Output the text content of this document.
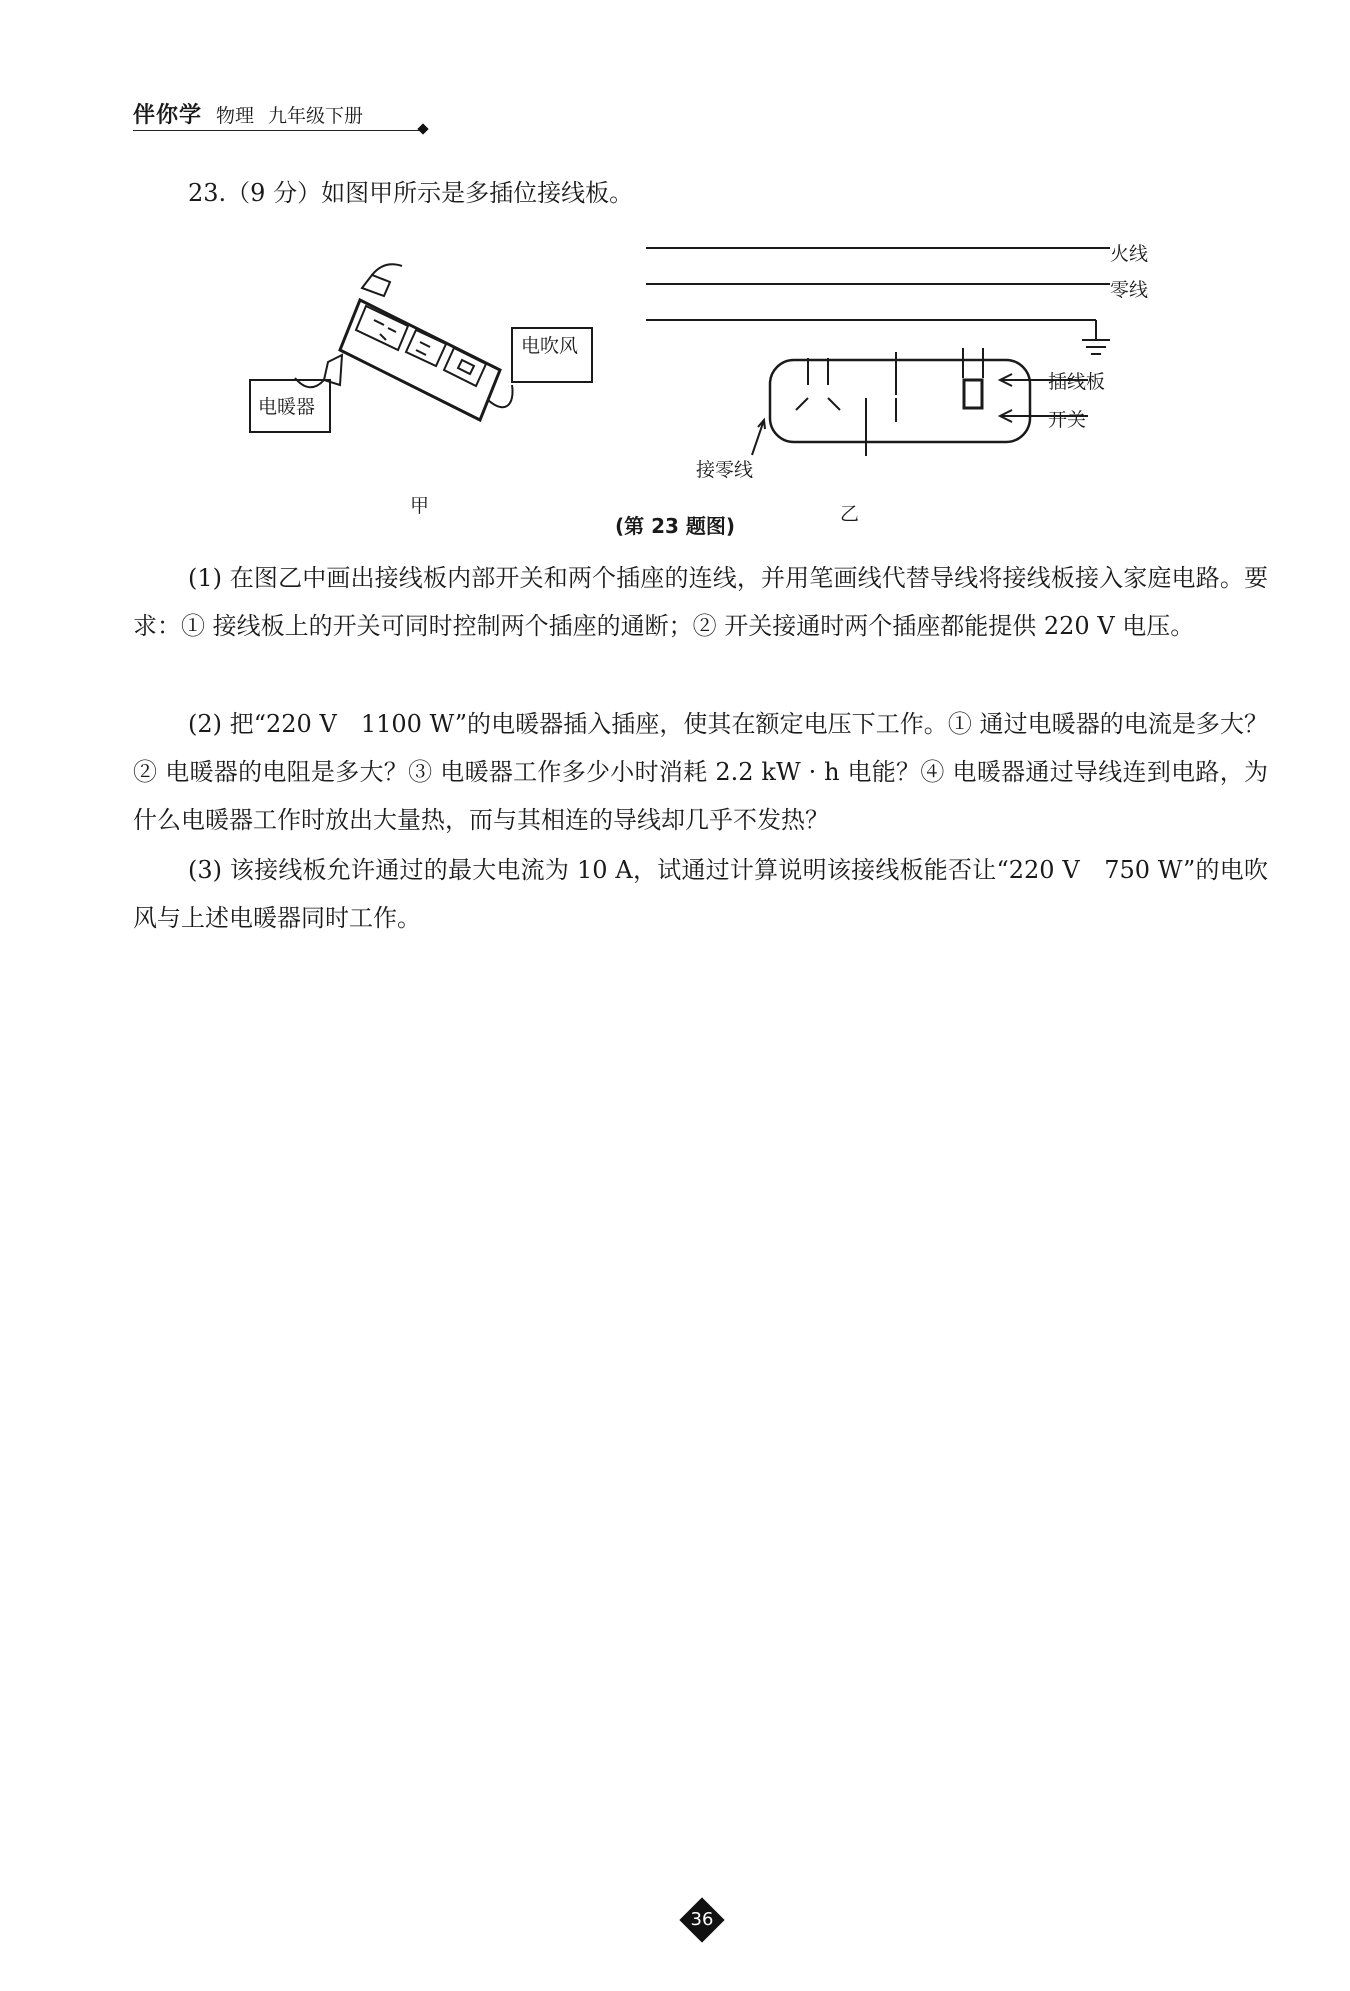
伴你学 物理 九年级下册
23.（9 分）如图甲所示是多插位接线板。
电暖器
电吹风
甲	乙
火线
零线
插线板
开关
接零线
(第 23 题图)
(1) 在图乙中画出接线板内部开关和两个插座的连线，并用笔画线代替导线将接线板接入家庭电路。要求：① 接线板上的开关可同时控制两个插座的通断；② 开关接通时两个插座都能提供 220 V 电压。
(2) 把“220 V　1100 W”的电暖器插入插座，使其在额定电压下工作。① 通过电暖器的电流是多大？② 电暖器的电阻是多大？③ 电暖器工作多少小时消耗 2.2 kW · h 电能？④ 电暖器通过导线连到电路，为什么电暖器工作时放出大量热，而与其相连的导线却几乎不发热？
(3) 该接线板允许通过的最大电流为 10 A，试通过计算说明该接线板能否让“220 V　750 W”的电吹风与上述电暖器同时工作。
36
